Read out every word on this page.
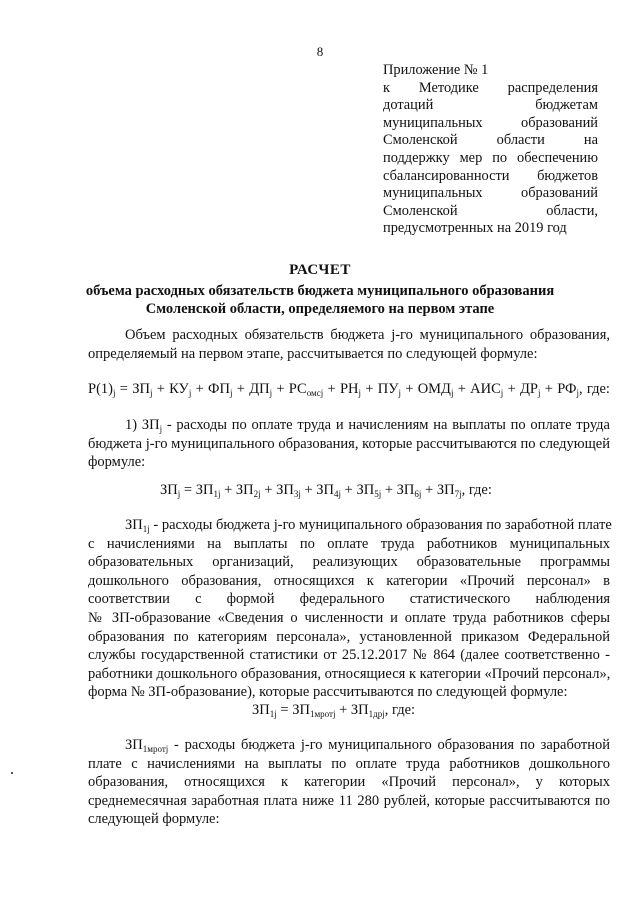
8
Приложение № 1
к Методике распределения
дотаций бюджетам
муниципальных образований
Смоленской области на
поддержку мер по обеспечению
сбалансированности бюджетов
муниципальных образований
Смоленской области,
предусмотренных на 2019 год
РАСЧЕТ
объема расходных обязательств бюджета муниципального образования
Смоленской области, определяемого на первом этапе
Объем расходных обязательств бюджета j-го муниципального образования,
определяемый на первом этапе, рассчитывается по следующей формуле:
$Р(1)_j = ЗП_j + КУ_j + ФП_j + ДП_j + РС_{омсj} + РН_j + ПУ_j + ОМД_j + АИС_j + ДР_j + РФ_j$, где:
1) $ЗП_j$ - расходы по оплате труда и начислениям на выплаты по оплате труда
бюджета j-го муниципального образования, которые рассчитываются по следующей
формуле:
$ЗП_j = ЗП_{1j} + ЗП_{2j} + ЗП_{3j} + ЗП_{4j} + ЗП_{5j} + ЗП_{6j} + ЗП_{7j}$, где:
$ЗП_{1j}$ - расходы бюджета j-го муниципального образования по заработной плате
с начислениями на выплаты по оплате труда работников муниципальных
образовательных организаций, реализующих образовательные программы
дошкольного образования, относящихся к категории «Прочий персонал» в
соответствии с формой федерального статистического наблюдения
№ ЗП-образование «Сведения о численности и оплате труда работников сферы
образования по категориям персонала», установленной приказом Федеральной
службы государственной статистики от 25.12.2017 № 864 (далее соответственно -
работники дошкольного образования, относящиеся к категории «Прочий персонал»,
форма № ЗП-образование), которые рассчитываются по следующей формуле:
$ЗП_{1j} = ЗП_{1мротj} + ЗП_{1дрj}$, где:
$ЗП_{1мротj}$ - расходы бюджета j-го муниципального образования по заработной
плате с начислениями на выплаты по оплате труда работников дошкольного
образования, относящихся к категории «Прочий персонал», у которых
среднемесячная заработная плата ниже 11 280 рублей, которые рассчитываются по
следующей формуле:
